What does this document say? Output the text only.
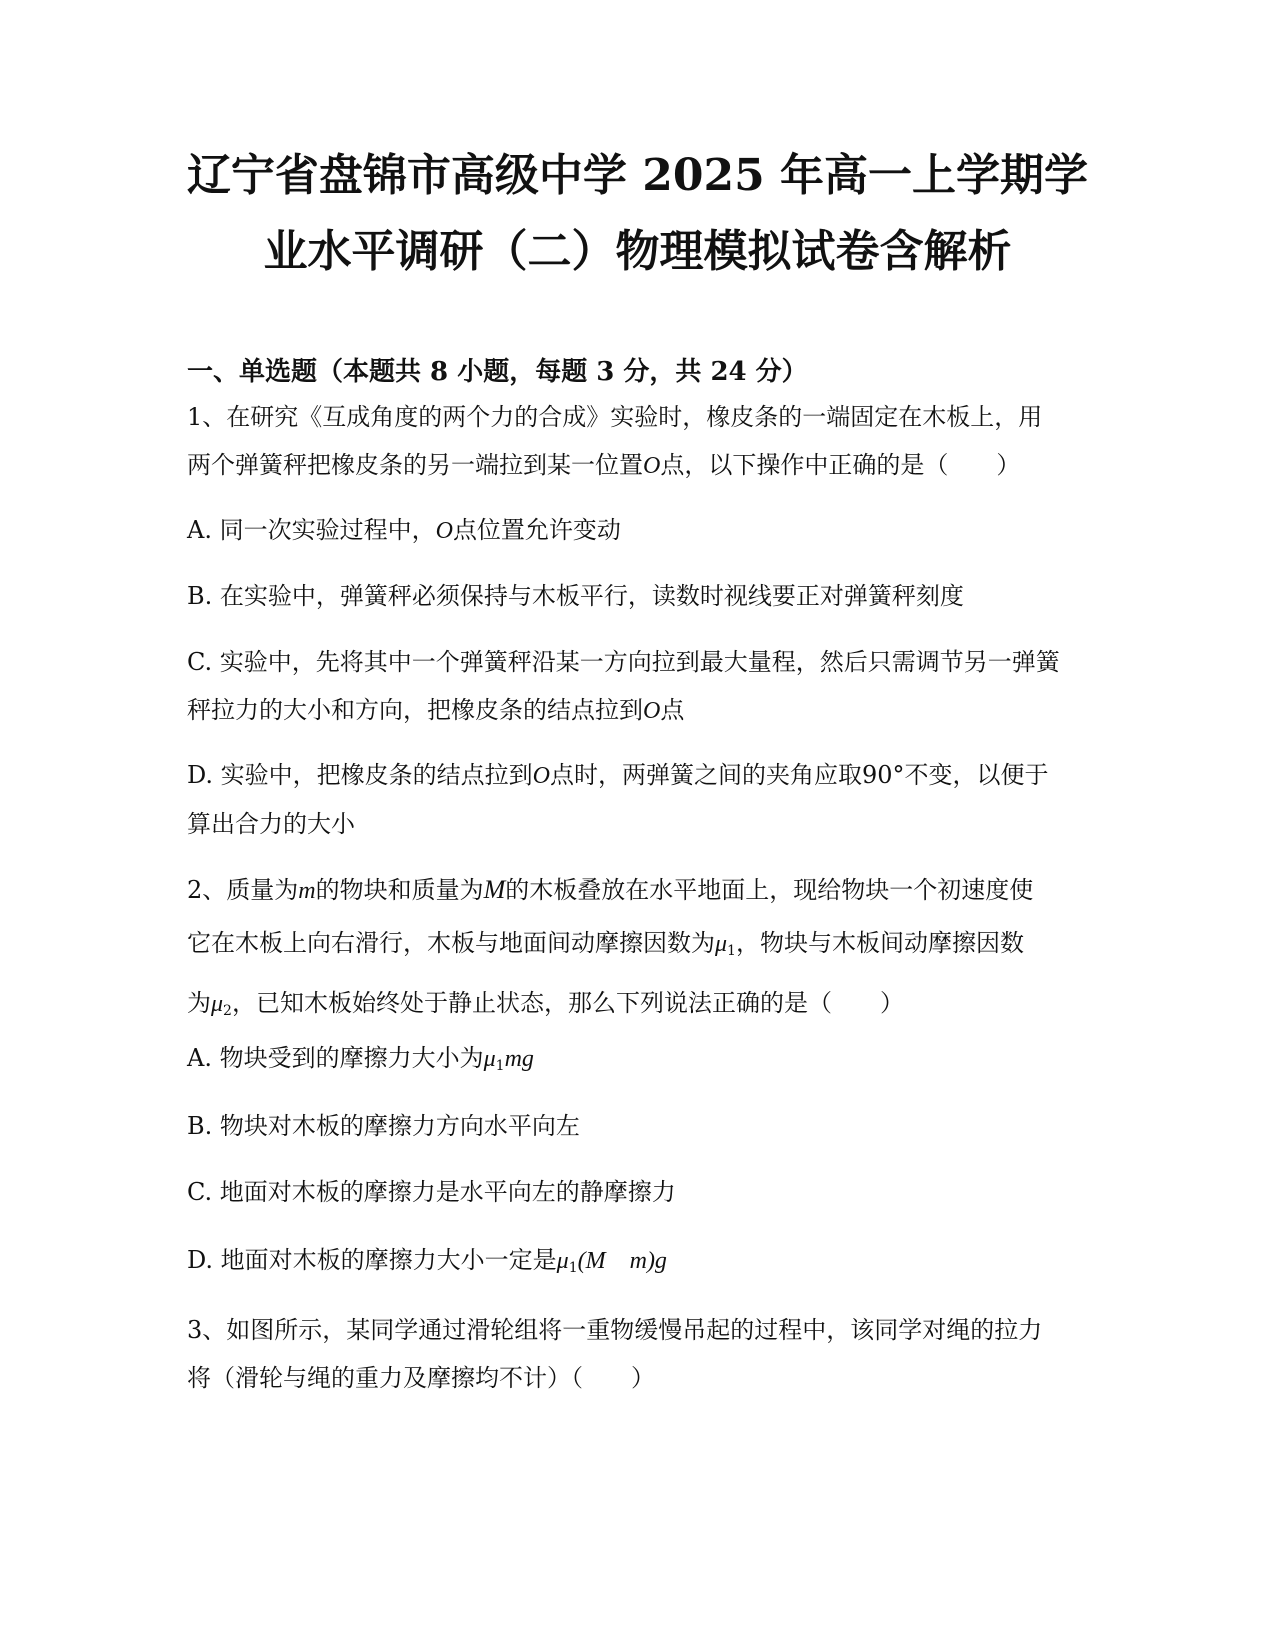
辽宁省盘锦市高级中学 2025 年高一上学期学
业水平调研（二）物理模拟试卷含解析
一、单选题（本题共 8 小题，每题 3 分，共 24 分）
1、在研究《互成角度的两个力的合成》实验时，橡皮条的一端固定在木板上，用
两个弹簧秤把橡皮条的另一端拉到某一位置O点，以下操作中正确的是（　　）
A. 同一次实验过程中，O点位置允许变动
B. 在实验中，弹簧秤必须保持与木板平行，读数时视线要正对弹簧秤刻度
C. 实验中，先将其中一个弹簧秤沿某一方向拉到最大量程，然后只需调节另一弹簧
秤拉力的大小和方向，把橡皮条的结点拉到O点
D. 实验中，把橡皮条的结点拉到O点时，两弹簧之间的夹角应取90°不变，以便于
算出合力的大小
2、质量为m的物块和质量为M的木板叠放在水平地面上，现给物块一个初速度使
它在木板上向右滑行，木板与地面间动摩擦因数为$\mu_1$，物块与木板间动摩擦因数
为$\mu_2$，已知木板始终处于静止状态，那么下列说法正确的是（　　）
A. 物块受到的摩擦力大小为$\mu_1mg$
B. 物块对木板的摩擦力方向水平向左
C. 地面对木板的摩擦力是水平向左的静摩擦力
D. 地面对木板的摩擦力大小一定是$\mu_1(M$　m)g
3、如图所示，某同学通过滑轮组将一重物缓慢吊起的过程中，该同学对绳的拉力
将（滑轮与绳的重力及摩擦均不计）（　　）
